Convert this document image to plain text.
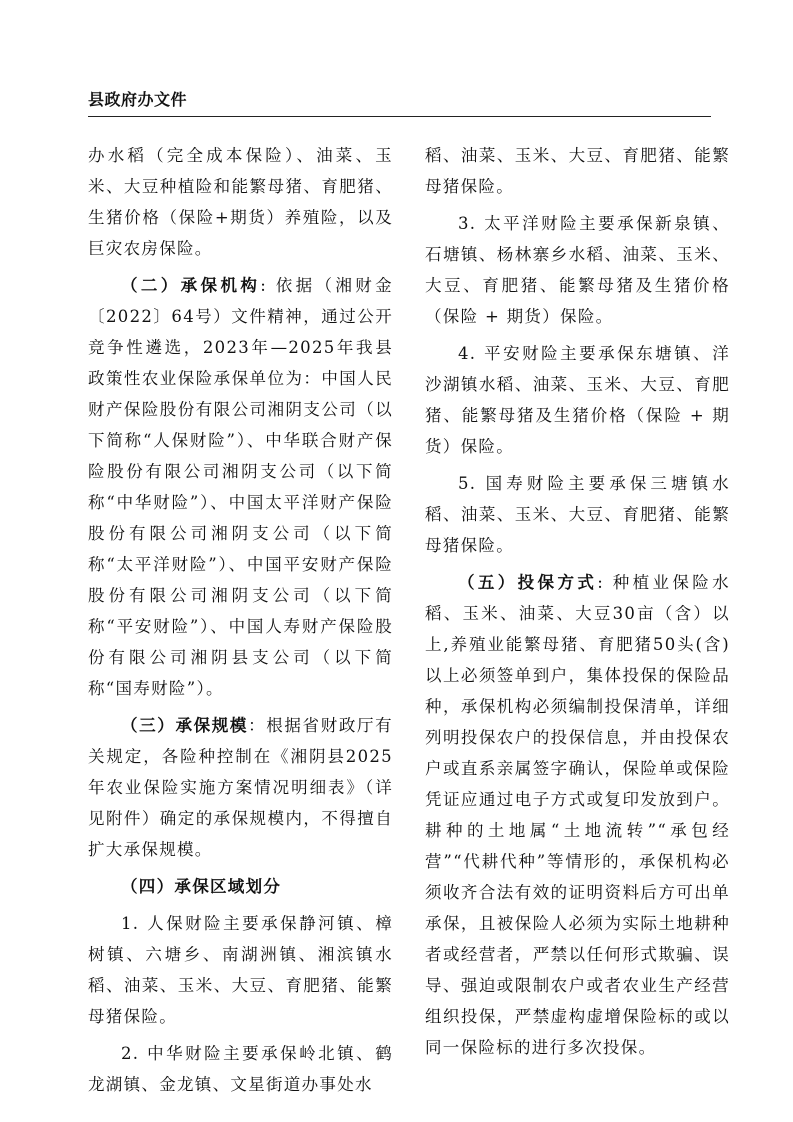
县政府办文件

办水稻（完全成本保险）、油菜、玉米、大豆种植险和能繁母猪、育肥猪、生猪价格（保险+期货）养殖险，以及巨灾农房保险。

（二）承保机构: 依据（湘财金〔2022〕64号）文件精神，通过公开竞争性遴选，2023年—2025年我县政策性农业保险承保单位为：中国人民财产保险股份有限公司湘阴支公司（以下简称“人保财险”）、中华联合财产保险股份有限公司湘阴支公司（以下简称“中华财险”）、中国太平洋财产保险股份有限公司湘阴支公司（以下简称“太平洋财险”）、中国平安财产保险股份有限公司湘阴支公司（以下简称“平安财险”）、中国人寿财产保险股份有限公司湘阴县支公司（以下简称“国寿财险”）。

（三）承保规模：根据省财政厅有关规定，各险种控制在《湘阴县2025年农业保险实施方案情况明细表》（详见附件）确定的承保规模内，不得擅自扩大承保规模。

（四）承保区域划分

1. 人保财险主要承保静河镇、樟树镇、六塘乡、南湖洲镇、湘滨镇水稻、油菜、玉米、大豆、育肥猪、能繁母猪保险。

2. 中华财险主要承保岭北镇、鹤龙湖镇、金龙镇、文星街道办事处水

稻、油菜、玉米、大豆、育肥猪、能繁母猪保险。

3. 太平洋财险主要承保新泉镇、石塘镇、杨林寨乡水稻、油菜、玉米、大豆、育肥猪、能繁母猪及生猪价格（保险 + 期货）保险。

4. 平安财险主要承保东塘镇、洋沙湖镇水稻、油菜、玉米、大豆、育肥猪、能繁母猪及生猪价格（保险 + 期货）保险。

5. 国寿财险主要承保三塘镇水稻、油菜、玉米、大豆、育肥猪、能繁母猪保险。

（五）投保方式: 种植业保险水稻、玉米、油菜、大豆30亩（含）以上,养殖业能繁母猪、育肥猪50头(含)以上必须签单到户，集体投保的保险品种，承保机构必须编制投保清单，详细列明投保农户的投保信息，并由投保农户或直系亲属签字确认，保险单或保险凭证应通过电子方式或复印发放到户。耕种的土地属“土地流转”“承包经营”“代耕代种”等情形的，承保机构必须收齐合法有效的证明资料后方可出单承保，且被保险人必须为实际土地耕种者或经营者，严禁以任何形式欺骗、误导、强迫或限制农户或者农业生产经营组织投保，严禁虚构虚增保险标的或以同一保险标的进行多次投保。
